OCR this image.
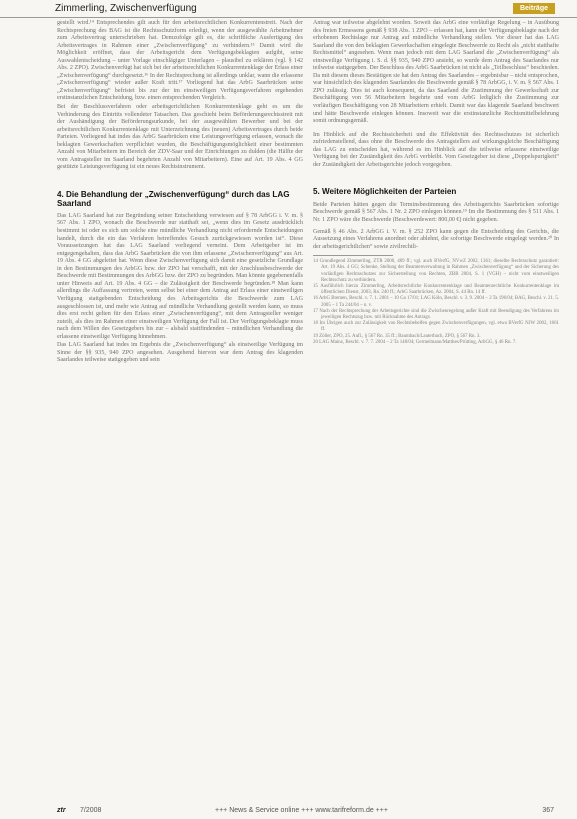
Zimmerling, Zwischenverfügung	Beiträge

gestellt wird.¹⁴ Entsprechendes gilt auch für den arbeitsrechtlichen Konkurrentenstreit. Nach der Rechtsprechung des BAG ist die Rechtsschutzform erledigt, wenn der ausgewählte Arbeitnehmer zum Arbeitsvertrag unterschrieben hat. Demzufolge gilt es, die schriftliche Ausfertigung des Arbeitsvertrages in Rahmen einer „Zwischenverfügung“ zu verhindern.¹⁵ Damit wird die Möglichkeit eröffnet, dass der Arbeitsgericht dem Verfügungsbeklagten aufgibt, seine Auswahlentscheidung – unter Vorlage einschlägiger Unterlagen – plausibel zu erklären (vgl. § 142 Abs. 2 ZPO). Zwischenverfügt hat sich bei der arbeitsrechtlichen Konkurrentenklage der Erlass einer „Zwischenverfügung“ durchgesetzt.¹⁶ In der Rechtsprechung ist allerdings unklar, wann die erlassene „Zwischenverfügung“ wieder außer Kraft tritt.¹⁷ Vorliegend hat das ArbG Saarbrücken seine „Zwischenverfügung“ befristet bis zur der im einstweiligen Verfügungsverfahren ergehenden erstinstanzlichen Entscheidung, bzw. einen entsprechenden Vergleich.

Bei der Beschlussverfahren oder arbeitsgerichtlichen Konkurrentenklage geht es um die Verhinderung des Eintritts vollendeter Tatsachen. Das geschieht beim Beförderungsrechtsstreit mit der Aushändigung der Beförderungsurkunde, bei der ausgewählten Bewerber und bei der arbeitsrechtlichen Konkurrentenklage mit Unterzeichnung des (neuen) Arbeitsvertrages durch beide Parteien. Vorliegend hat indes das ArbG Saarbrücken eine Leistungsverfügung erlassen, wonach die beklagten Gewerkschaften verpflichtet wurden, die Beschäftigungsmöglichkeit einer bestimmten Anzahl von Mitarbeitern im Bereich der ZDV-Saar und der Einrichtungen zu dulden (die Hälfte der vom Antragsteller im Saarland begehrten Anzahl von Mitarbeitern). Eine auf Art. 19 Abs. 4 GG gestützte Leistungsverfügung ist ein neues Rechtsinstrument.

4. Die Behandlung der „Zwischenverfügung“ durch das LAG Saarland

Das LAG Saarland hat zur Begründung seiner Entscheidung verwiesen auf § 78 ArbGG i. V. m. § 567 Abs. 1 ZPO, wonach die Beschwerde nur statthaft sei, „wenn dies im Gesetz ausdrücklich bestimmt ist oder es sich um solche eine mündliche Verhandlung nicht erfordernde Entscheidungen handelt, durch die ein das Verfahren betreffendes Gesuch zurückgewiesen worden ist“. Diese Voraussetzungen hat das LAG Saarland vorliegend verneint. Dem Arbeitgeber ist im entgegengehalten, dass das ArbG Saarbrücken die von ihm erlassene „Zwischenverfügung“ aus Art. 19 Abs. 4 GG abgeleitet hat. Wenn diese Zwischenverfügung sich damit eine gesetzliche Grundlage in den Bestimmungen des ArbGG bzw. der ZPO hat verschafft, mit der Anschlussbeschwerde der Beschwerde mit Bestimmungen des ArbGG bzw. der ZPO zu begründen. Man könnte gegebenenfalls unter Hinweis auf Art. 19 Abs. 4 GG – die Zulässigkeit der Beschwerde begründen.¹⁸ Man kann allerdings die Auffassung vertreten, wenn selbst bei einer dem Antrag auf Erlass einer einstweiligen Verfügung stattgebenden Entscheidung des Arbeitsgerichts die Beschwerde zum LAG ausgeschlossen ist, und mehr wie Antrag auf mündliche Verhandlung gestellt werden kann, so muss dies erst recht gelten für den Erlass einer „Zwischenverfügung“, mit dem Antragsteller weniger zuteilt, als dies im Rahmen einer einstweiligen Verfügung der Fall ist. Der Verfügungsbeklagte muss nach dem Willen des Gesetzgebers bis zur – alsbald stattfindenden – mündlichen Verhandlung die erlassene einstweilige Verfügung hinnehmen.

Das LAG Saarland hat indes im Ergebnis die „Zwischenverfügung“ als einstweilige Verfügung im Sinne der §§ 935, 940 ZPO angesehen. Ausgehend hiervon war dem Antrag des klagenden Saarlandes teilweise stattgegeben und sein

Antrag war teilweise abgelehnt worden. Soweit das ArbG eine vorläufige Regelung – in Ausübung des freien Ermessens gemäß § 938 Abs. 1 ZPO – erlassen hat, kann der Verfügungsbeklagte nach der erhobenen Rechtslage nur Antrag auf mündliche Verhandlung stellen. Vor dieser hat das LAG Saarland die von den beklagten Gewerkschaften eingelegte Beschwerde zu Recht als „nicht statthafte Rechtsmittel“ angesehen. Wenn man jedoch mit dem LAG Saarland die „Zwischenverfügung“ als einstweilige Verfügung i. S. d. §§ 935, 940 ZPO ansieht, so wurde dem Antrag des Saarlandes nur teilweise stattgegeben. Der Beschluss des ArbG Saarbrücken ist nicht als „Teilbeschluss“ beschieden. Da mit diesem dieses Bestätigen sie hat den Antrag des Saarlandes – ergebnisbar – nicht entsprochen, war hinsichtlich des klagenden Saarlandes die Beschwerde gemäß § 78 ArbGG, i. V. m. § 567 Abs. 1 ZPO zulässig. Dies ist auch konsequent, da das Saarland die Zustimmung der Gewerkschaft zur Beschäftigung von 56 Mitarbeitern begehrte und vom ArbG lediglich die Zustimmung zur vorläufigen Beschäftigung von 28 Mitarbeitern erhielt. Damit war das klagende Saarland beschwert und hätte Beschwerde einlegen können. Insoweit war die erstinstanzliche Rechtsmittelbelehrung somit ordnungsgemäß.

Im Hinblick auf die Rechtssicherheit und die Effektivität des Rechtsschutzes ist sicherlich zufriedenstellend, dass ohne die Beschwerde des Antragstellers auf wirkungsgleiche Beschäftigung das LAG zu entscheiden hat, während es im Hinblick auf die teilweise erlassene einstweilige Verfügung bei der Zuständigkeit des ArbG verbleibt. Vom Gesetzgeber ist diese „Doppelspurigkeit“ der Zuständigkeit der Arbeitsgerichte jedoch vorgegeben.

5. Weitere Möglichkeiten der Parteien

Beide Parteien hätten gegen die Terminsbestimmung des Arbeitsgerichts Saarbrücken sofortige Beschwerde gemäß § 567 Abs. 1 Nr. 2 ZPO einlegen können.¹⁹ Im die Bestimmung des § 511 Abs. 1 Nr. 1 ZPO wäre die Beschwerde (Beschwerdewert: 800,00 €) nicht gegeben.

Gemäß § 46 Abs. 2 ArbGG i. V. m. § 252 ZPO kann gegen die Entscheidung des Gerichts, die Aussetzung eines Verfahrens anordnet oder ablehnt, die sofortige Beschwerde eingelegt werden.²⁰ In der arbeitsgerichtlichen“ sowie zivilrechtli-

14 Grundlegend Zimmerling, ZTR 2000, 489 ff.; vgl. auch BVerfG, NVwZ 2002, 1361; dieselbe Rechtsschutz garantiert: Art. 19 Abs. 4 GG; Schenke, Stellung der Beamtenverwaltung in Rahmen „Zwischenverfügung“ und der Sicherung des vorläufigen Rechtsschutzes zur Sicherstellung von Rechten, ZBR 2004, S. 1 (VGH) – nicht vom einstweiligen Rechtsschutz zu verhindern.

15 Ausführlich hierzu Zimmerling, Arbeitsrechtliche Konkurrentenklage und Beamtenrechtliche Konkurrentenklage im öffentlichen Dienst, 2003, Rn. 240 ff.; ArbG Saarbrücken, Az. 2004, S. 44 Rn. 14 ff.

16 ArbG Bremen, Beschl. v. 7. 1. 2001 – 10 Ga 17/01; LAG Köln, Beschl. v. 3. 9. 2004 – 3 Ta 196/04; BAG, Beschl. v. 21. 5. 2005 – 1 Ta 244/04 – n. v.

17 Nach der Rechtsprechung der Arbeitsgerichte sind die Zwischenregelung außer Kraft mit Beendigung des Verfahrens im jeweiligen Rechtszug bzw. mit Rücknahme des Antrags.

18 Im Übrigen auch zur Zulässigkeit von Rechtsbehelfen gegen Zwischenverfügungen, vgl. etwa BVerfG NJW 2002, 1661 ff.

19 Zöller, ZPO, 25. Aufl., § 567 Rn. 35 ff.; Baumbach/Lauterbach, ZPO, § 567 Rn. 3.

20 LAG Mainz, Beschl. v. 7. 7. 2004 – 2 Ta 148/04; Germelmann/Matthes/Prütting, ArbGG, § 46 Rn. 7.

ztr 7/2008	+++ News & Service online +++ www.tarifreform.de +++	367
